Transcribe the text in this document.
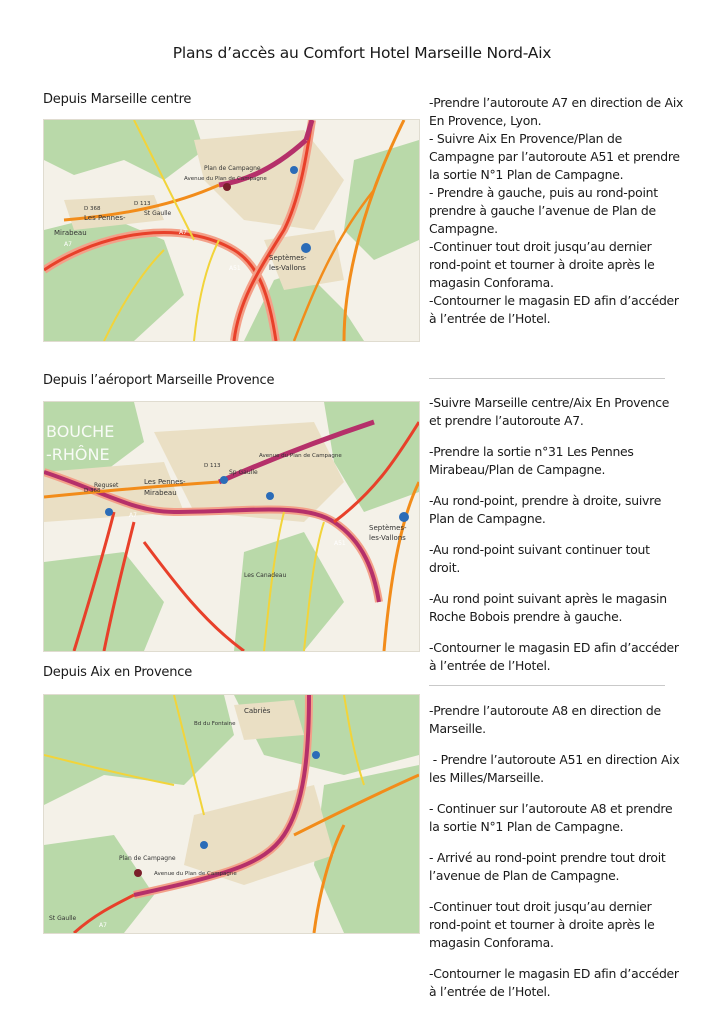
Plans d’accès au Comfort Hotel Marseille Nord-Aix
Depuis Marseille centre
Mirabeau
Les Pennes-
Septèmes-
les-Vallons
Plan de Campagne
St Gaulle
A7
A7
A51
D 368
D 113
Avenue du Plan de Campagne

-Prendre l’autoroute A7 en direction de Aix En Provence, Lyon.
- Suivre Aix En Provence/Plan de Campagne par l’autoroute A51 et prendre la sortie N°1 Plan de Campagne.
- Prendre à gauche, puis au rond-point prendre à gauche l’avenue de Plan de Campagne.
-Continuer tout droit jusqu’au dernier rond-point et tourner à droite après le magasin Conforama.
-Contourner le magasin ED afin d’accéder à l’entrée de l’Hotel.

Depuis l’aéroport Marseille Provence
BOUCHE
-RHÔNE
Les Pennes-
Mirabeau
Septèmes-
les-Vallons
Sp Gaulle
Reguset
Les Canadeau
A7
A51
D 368
D 113
Avenue du Plan de Campagne

-Suivre Marseille centre/Aix En Provence et prendre l’autoroute A7.

-Prendre la sortie n°31 Les Pennes Mirabeau/Plan de Campagne.

-Au rond-point, prendre à droite, suivre Plan de Campagne.

-Au rond-point suivant continuer tout droit.

-Au rond point suivant après le magasin Roche Bobois prendre à gauche.

-Contourner le magasin ED afin d’accéder à l’entrée de l’Hotel.

Depuis Aix en Provence
Cabriès
Plan de Campagne
St Gaulle
A7
Bd du Fontaine
Avenue du Plan de Campagne

-Prendre l’autoroute A8 en direction de Marseille.

- Prendre l’autoroute A51 en direction Aix les Milles/Marseille.

- Continuer sur l’autoroute A8 et prendre la sortie N°1 Plan de Campagne.

- Arrivé au rond-point prendre tout droit l’avenue de Plan de Campagne.

-Continuer tout droit jusqu’au dernier rond-point et tourner à droite après le magasin Conforama.

-Contourner le magasin ED afin d’accéder à l’entrée de l’Hotel.
